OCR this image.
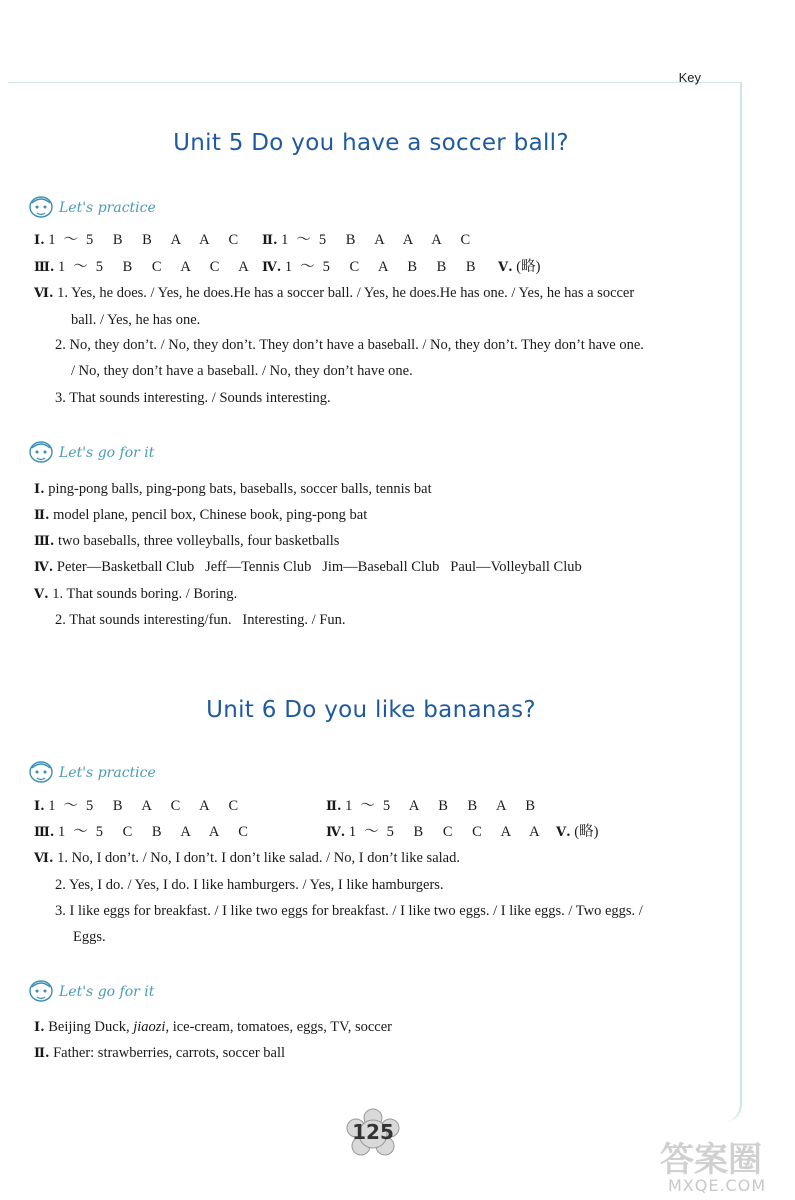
Key
Unit 5 Do you have a soccer ball?
Let's practice
Ⅰ. 1～5 B B A A C Ⅱ. 1～5 B A A A C
Ⅲ. 1～5 B C A C A Ⅳ. 1～5 C A B B B Ⅴ. (略)
Ⅵ. 1. Yes, he does. / Yes, he does.He has a soccer ball. / Yes, he does.He has one. / Yes, he has a soccer
ball. / Yes, he has one.
2. No, they don’t. / No, they don’t. They don’t have a baseball. / No, they don’t. They don’t have one.
/ No, they don’t have a baseball. / No, they don’t have one.
3. That sounds interesting. / Sounds interesting.
Let's go for it
Ⅰ. ping-pong balls, ping-pong bats, baseballs, soccer balls, tennis bat
Ⅱ. model plane, pencil box, Chinese book, ping-pong bat
Ⅲ. two baseballs, three volleyballs, four basketballs
Ⅳ. Peter—Basketball Club   Jeff—Tennis Club   Jim—Baseball Club   Paul—Volleyball Club
Ⅴ. 1. That sounds boring. / Boring.
2. That sounds interesting/fun.   Interesting. / Fun.
Unit 6 Do you like bananas?
Let's practice
Ⅰ. 1～5 B A C A C	Ⅱ. 1～5 A B B A B
Ⅲ. 1～5 C B A A C	Ⅳ. 1～5 B C C A A Ⅴ. (略)
Ⅵ. 1. No, I don’t. / No, I don’t. I don’t like salad. / No, I don’t like salad.
2. Yes, I do. / Yes, I do. I like hamburgers. / Yes, I like hamburgers.
3. I like eggs for breakfast. / I like two eggs for breakfast. / I like two eggs. / I like eggs. / Two eggs. /
Eggs.
Let's go for it
Ⅰ. Beijing Duck, jiaozi, ice-cream, tomatoes, eggs, TV, soccer
Ⅱ. Father: strawberries, carrots, soccer ball
125
答案圈
MXQE.COM
